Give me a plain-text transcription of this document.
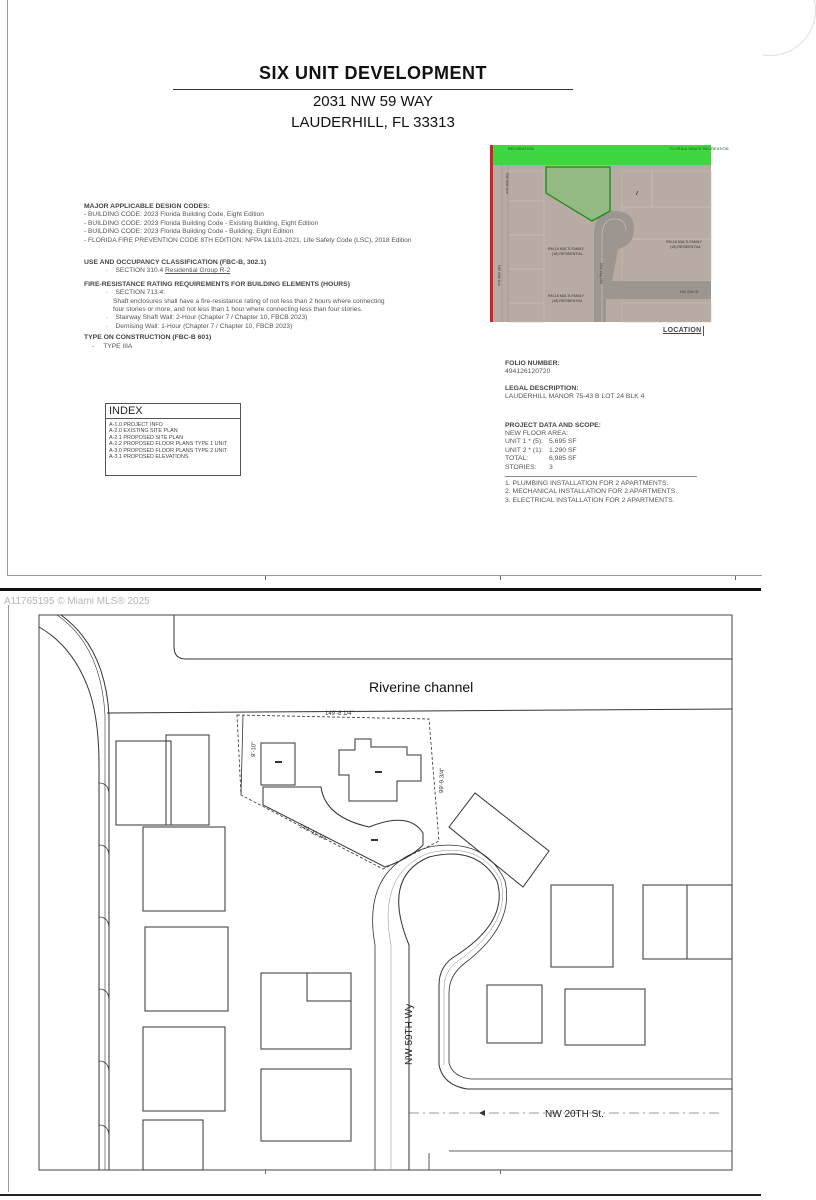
SIX UNIT DEVELOPMENT
2031 NW 59 WAY
LAUDERHILL, FL 33313
MAJOR APPLICABLE DESIGN CODES:
- BUILDING CODE: 2023 Florida Building Code, Eight Edition
- BUILDING CODE: 2023 Florida Building Code - Existing Building, Eight Edition
- BUILDING CODE: 2023 Florida Building Code - Building, Eight Edition
- FLORIDA FIRE PREVENTION CODE 8TH EDITION: NFPA 1&101-2021, Life Safety Code (LSC), 2018 Edition
USE AND OCCUPANCY CLASSIFICATION (FBC-B, 302.1)
·    SECTION 310.4 Residential Group R-2
FIRE-RESISTANCE RATING REQUIREMENTS FOR BUILDING ELEMENTS (HOURS)
·    SECTION 713.4:
Shaft enclosures shall have a fire-resistance rating of not less than 2 hours where connecting
four stories or more, and not less than 1 hour where connecting less than four stories.
·    Stairway Shaft Wall: 2-Hour (Chapter 7 / Chapter 10, FBCB 2023)
·    Demising Wall: 1-Hour (Chapter 7 / Chapter 10, FBCB 2023)
TYPE ON CONSTRUCTION (FBC-B 601)
-     TYPE IIIA
INDEX
A-1.0 PROJECT INFO
A-2.0 EXISTING SITE PLAN
A-2.1 PROPOSED SITE PLAN
A-2.2 PROPOSED FLOOR PLANS TYPE 1 UNIT
A-3.0 PROPOSED FLOOR PLANS TYPE 2 UNIT
A-3.1 PROPOSED ELEVATIONS
RECREATION	FLORIDA SPACE RECREATION
RM-18 MULTI-FAMILY
(18) RESIDENTIAL
RM-18 MULTI-FAMILY
(18) RESIDENTIAL
RM-18 MULTI-FAMILY
(18) RESIDENTIAL
NW 20th St
NW 60th Ave
NW 60th Ave
59th Way NW
LOCATION
FOLIO NUMBER:
494126120720
LEGAL DESCRIPTION:
LAUDERHILL MANOR 75-43 B LOT 24 BLK 4
PROJECT DATA AND SCOPE:
NEW FLOOR AREA:
UNIT 1 * (5): 5,695 SF
UNIT 2 * (1): 1,290 SF
TOTAL:	6,985 SF
STORIES: 3
1. PLUMBING INSTALLATION FOR 2 APARTMENTS.
2. MECHANICAL INSTALLATION FOR 2 APARTMENTS.
3. ELECTRICAL INSTALLATION FOR 2 APARTMENTS.
A11765195 © Miami MLS® 2025
Riverine channel
149'-8 1/4"
9'-10"
99'-9 3/4"
149'-11 1/4"
NW 59TH Wy
NW 20TH St.
